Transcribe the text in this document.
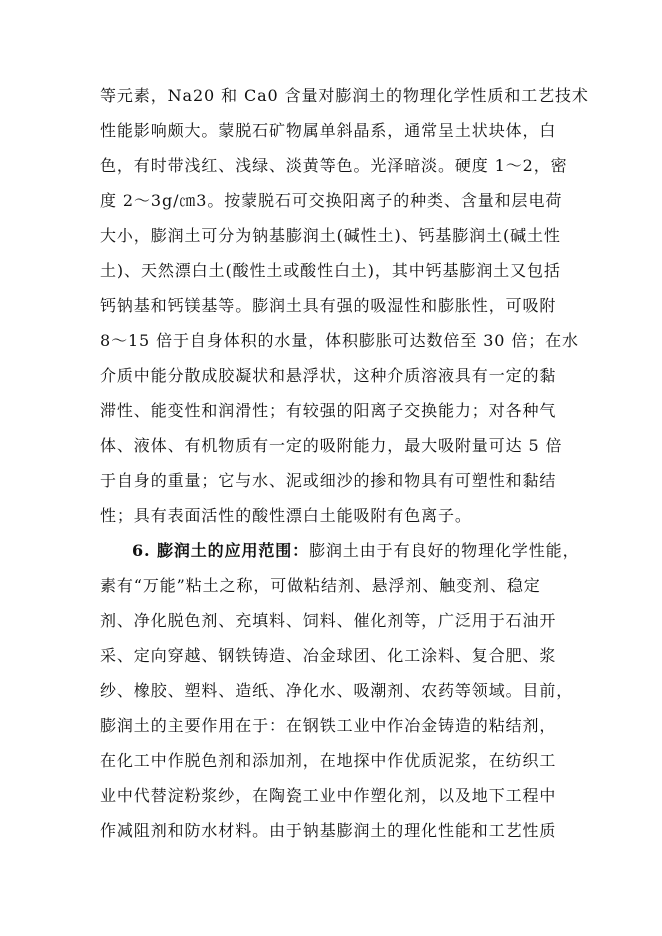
等元素，Na20 和 Ca0 含量对膨润土的物理化学性质和工艺技术
性能影响颇大。蒙脱石矿物属单斜晶系，通常呈土状块体，白
色，有时带浅红、浅绿、淡黄等色。光泽暗淡。硬度 1～2，密
度 2～3g/㎝3。按蒙脱石可交换阳离子的种类、含量和层电荷
大小，膨润土可分为钠基膨润土(碱性土)、钙基膨润土(碱土性
土)、天然漂白土(酸性土或酸性白土)，其中钙基膨润土又包括
钙钠基和钙镁基等。膨润土具有强的吸湿性和膨胀性，可吸附
8～15 倍于自身体积的水量，体积膨胀可达数倍至 30 倍；在水
介质中能分散成胶凝状和悬浮状，这种介质溶液具有一定的黏
滞性、能变性和润滑性；有较强的阳离子交换能力；对各种气
体、液体、有机物质有一定的吸附能力，最大吸附量可达 5 倍
于自身的重量；它与水、泥或细沙的掺和物具有可塑性和黏结
性；具有表面活性的酸性漂白土能吸附有色离子。
6. 膨润土的应用范围：膨润土由于有良好的物理化学性能，
素有“万能”粘土之称，可做粘结剂、悬浮剂、触变剂、稳定
剂、净化脱色剂、充填料、饲料、催化剂等，广泛用于石油开
采、定向穿越、钢铁铸造、冶金球团、化工涂料、复合肥、浆
纱、橡胶、塑料、造纸、净化水、吸潮剂、农药等领域。目前，
膨润土的主要作用在于：在钢铁工业中作冶金铸造的粘结剂，
在化工中作脱色剂和添加剂，在地探中作优质泥浆，在纺织工
业中代替淀粉浆纱，在陶瓷工业中作塑化剂，以及地下工程中
作减阻剂和防水材料。由于钠基膨润土的理化性能和工艺性质
